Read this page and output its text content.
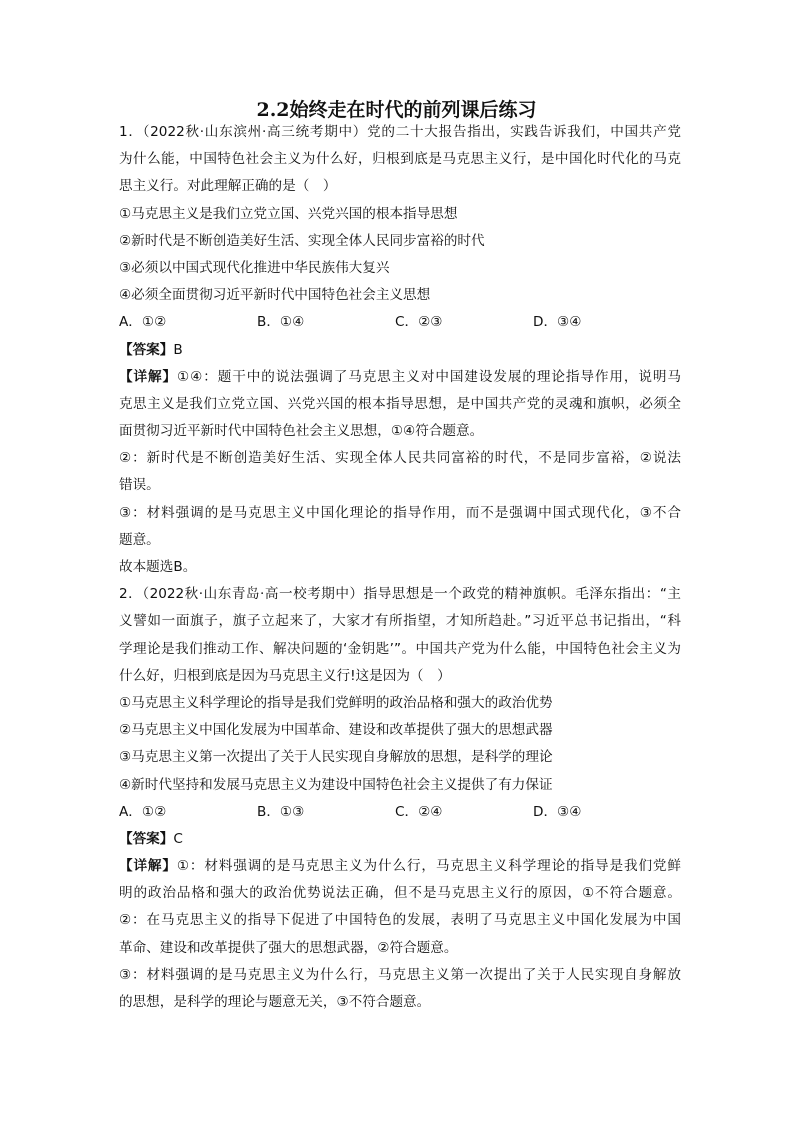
2.2始终走在时代的前列课后练习
1．（2022秋·山东滨州·高三统考期中）党的二十大报告指出，实践告诉我们，中国共产党
为什么能，中国特色社会主义为什么好，归根到底是马克思主义行，是中国化时代化的马克
思主义行。对此理解正确的是（　）
①马克思主义是我们立党立国、兴党兴国的根本指导思想
②新时代是不断创造美好生活、实现全体人民同步富裕的时代
③必须以中国式现代化推进中华民族伟大复兴
④必须全面贯彻习近平新时代中国特色社会主义思想
A．①②	B．①④	C．②③	D．③④
【答案】B
【详解】①④：题干中的说法强调了马克思主义对中国建设发展的理论指导作用，说明马
克思主义是我们立党立国、兴党兴国的根本指导思想，是中国共产党的灵魂和旗帜，必须全
面贯彻习近平新时代中国特色社会主义思想，①④符合题意。
②：新时代是不断创造美好生活、实现全体人民共同富裕的时代，不是同步富裕，②说法
错误。
③：材料强调的是马克思主义中国化理论的指导作用，而不是强调中国式现代化，③不合
题意。
故本题选B。
2．（2022秋·山东青岛·高一校考期中）指导思想是一个政党的精神旗帜。毛泽东指出：“主
义譬如一面旗子，旗子立起来了，大家才有所指望，才知所趋赴。”习近平总书记指出，“科
学理论是我们推动工作、解决问题的‘金钥匙’”。中国共产党为什么能，中国特色社会主义为
什么好，归根到底是因为马克思主义行!这是因为（　）
①马克思主义科学理论的指导是我们党鲜明的政治品格和强大的政治优势
②马克思主义中国化发展为中国革命、建设和改革提供了强大的思想武器
③马克思主义第一次提出了关于人民实现自身解放的思想，是科学的理论
④新时代坚持和发展马克思主义为建设中国特色社会主义提供了有力保证
A．①②	B．①③	C．②④	D．③④
【答案】C
【详解】①：材料强调的是马克思主义为什么行，马克思主义科学理论的指导是我们党鲜
明的政治品格和强大的政治优势说法正确，但不是马克思主义行的原因，①不符合题意。
②：在马克思主义的指导下促进了中国特色的发展，表明了马克思主义中国化发展为中国
革命、建设和改革提供了强大的思想武器，②符合题意。
③：材料强调的是马克思主义为什么行，马克思主义第一次提出了关于人民实现自身解放
的思想，是科学的理论与题意无关，③不符合题意。
